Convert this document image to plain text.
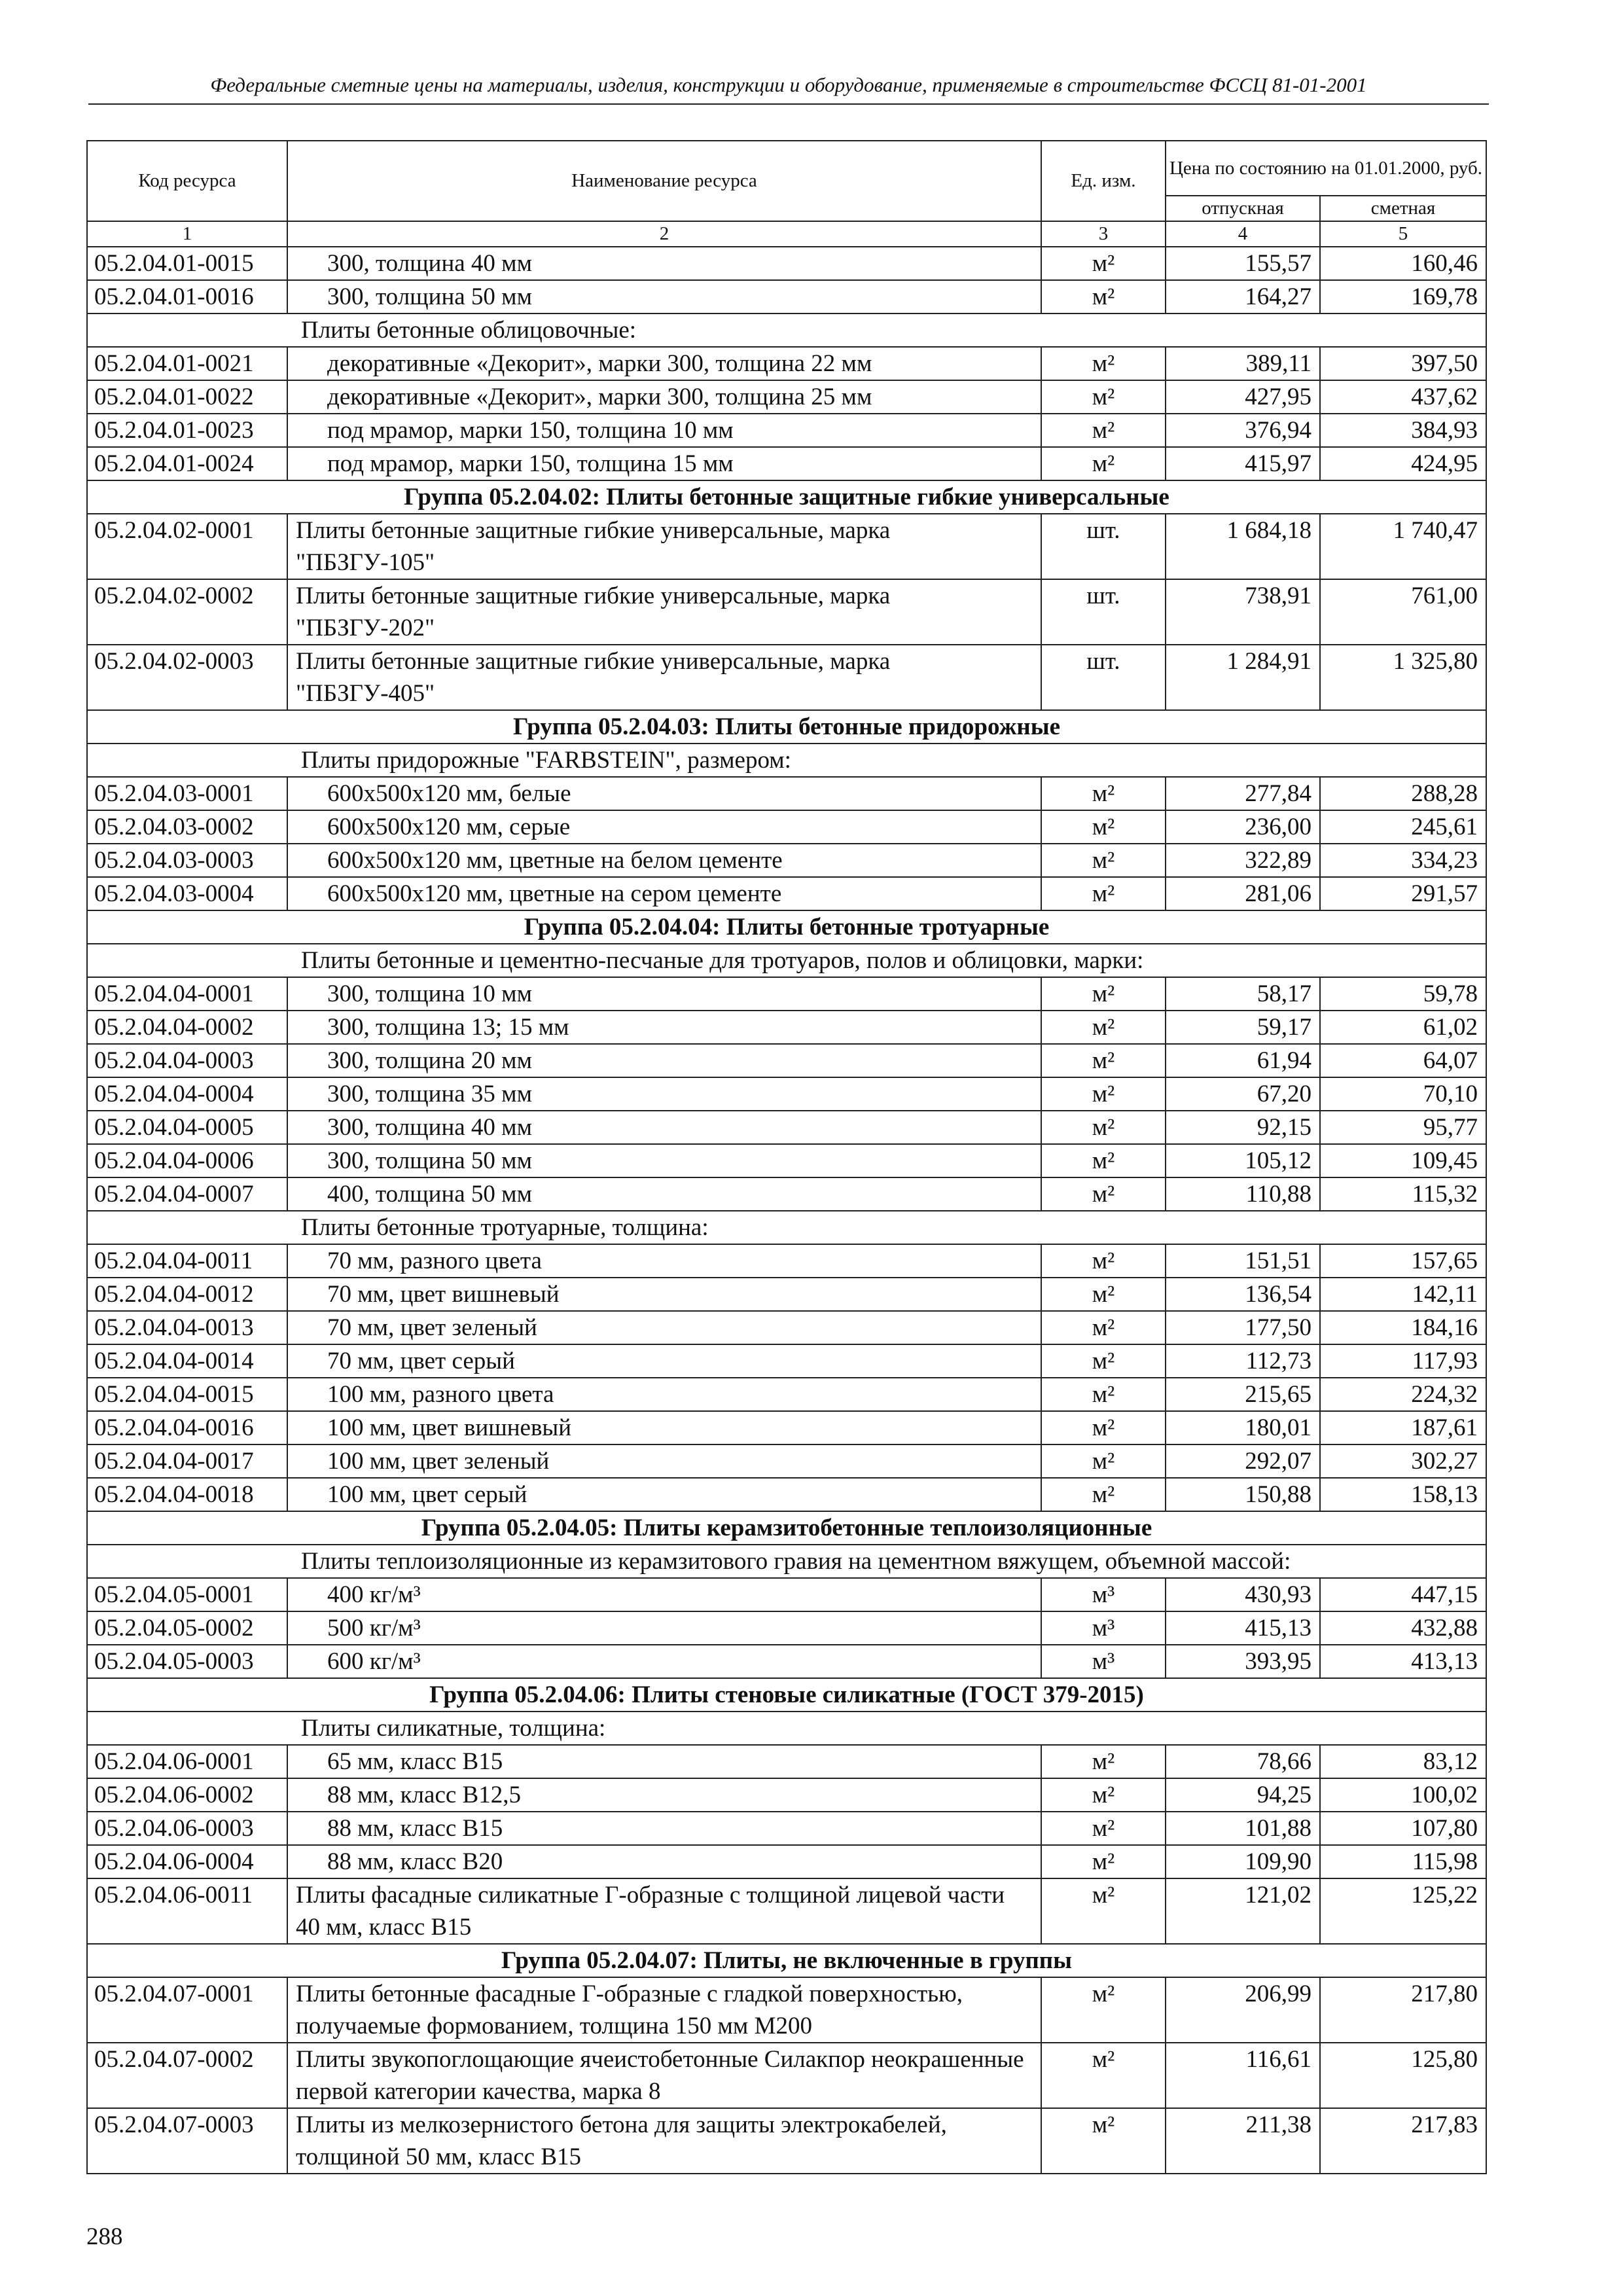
Федеральные сметные цены на материалы, изделия, конструкции и оборудование, применяемые в строительстве ФССЦ 81-01-2001
Код ресурса	Наименование ресурса	Ед. изм.	Цена по состоянию на 01.01.2000, руб.	
			отпускная	сметная
1	2	3	4	5
05.2.04.01-0015	300, толщина 40 мм	м²	155,57	160,46
05.2.04.01-0016	300, толщина 50 мм	м²	164,27	169,78
Плиты бетонные облицовочные:				
05.2.04.01-0021	декоративные «Декорит», марки 300, толщина 22 мм	м²	389,11	397,50
05.2.04.01-0022	декоративные «Декорит», марки 300, толщина 25 мм	м²	427,95	437,62
05.2.04.01-0023	под мрамор, марки 150, толщина 10 мм	м²	376,94	384,93
05.2.04.01-0024	под мрамор, марки 150, толщина 15 мм	м²	415,97	424,95
Группа 05.2.04.02: Плиты бетонные защитные гибкие универсальные				
05.2.04.02-0001	Плиты бетонные защитные гибкие универсальные, марка "ПБЗГУ-105"	шт.	1 684,18	1 740,47
05.2.04.02-0002	Плиты бетонные защитные гибкие универсальные, марка "ПБЗГУ-202"	шт.	738,91	761,00
05.2.04.02-0003	Плиты бетонные защитные гибкие универсальные, марка "ПБЗГУ-405"	шт.	1 284,91	1 325,80
Группа 05.2.04.03: Плиты бетонные придорожные				
Плиты придорожные "FARBSTEIN", размером:				
05.2.04.03-0001	600х500х120 мм, белые	м²	277,84	288,28
05.2.04.03-0002	600х500х120 мм, серые	м²	236,00	245,61
05.2.04.03-0003	600х500х120 мм, цветные на белом цементе	м²	322,89	334,23
05.2.04.03-0004	600х500х120 мм, цветные на сером цементе	м²	281,06	291,57
Группа 05.2.04.04: Плиты бетонные тротуарные				
Плиты бетонные и цементно-песчаные для тротуаров, полов и облицовки, марки:				
05.2.04.04-0001	300, толщина 10 мм	м²	58,17	59,78
05.2.04.04-0002	300, толщина 13; 15 мм	м²	59,17	61,02
05.2.04.04-0003	300, толщина 20 мм	м²	61,94	64,07
05.2.04.04-0004	300, толщина 35 мм	м²	67,20	70,10
05.2.04.04-0005	300, толщина 40 мм	м²	92,15	95,77
05.2.04.04-0006	300, толщина 50 мм	м²	105,12	109,45
05.2.04.04-0007	400, толщина 50 мм	м²	110,88	115,32
Плиты бетонные тротуарные, толщина:				
05.2.04.04-0011	70 мм, разного цвета	м²	151,51	157,65
05.2.04.04-0012	70 мм, цвет вишневый	м²	136,54	142,11
05.2.04.04-0013	70 мм, цвет зеленый	м²	177,50	184,16
05.2.04.04-0014	70 мм, цвет серый	м²	112,73	117,93
05.2.04.04-0015	100 мм, разного цвета	м²	215,65	224,32
05.2.04.04-0016	100 мм, цвет вишневый	м²	180,01	187,61
05.2.04.04-0017	100 мм, цвет зеленый	м²	292,07	302,27
05.2.04.04-0018	100 мм, цвет серый	м²	150,88	158,13
Группа 05.2.04.05: Плиты керамзитобетонные теплоизоляционные				
Плиты теплоизоляционные из керамзитового гравия на цементном вяжущем, объемной массой:				
05.2.04.05-0001	400 кг/м³	м³	430,93	447,15
05.2.04.05-0002	500 кг/м³	м³	415,13	432,88
05.2.04.05-0003	600 кг/м³	м³	393,95	413,13
Группа 05.2.04.06: Плиты стеновые силикатные (ГОСТ 379-2015)				
Плиты силикатные, толщина:				
05.2.04.06-0001	65 мм, класс В15	м²	78,66	83,12
05.2.04.06-0002	88 мм, класс В12,5	м²	94,25	100,02
05.2.04.06-0003	88 мм, класс В15	м²	101,88	107,80
05.2.04.06-0004	88 мм, класс В20	м²	109,90	115,98
05.2.04.06-0011	Плиты фасадные силикатные Г-образные с толщиной лицевой части 40 мм, класс В15	м²	121,02	125,22
Группа 05.2.04.07: Плиты, не включенные в группы				
05.2.04.07-0001	Плиты бетонные фасадные Г-образные с гладкой поверхностью, получаемые формованием, толщина 150 мм М200	м²	206,99	217,80
05.2.04.07-0002	Плиты звукопоглощающие ячеистобетонные Силакпор неокрашенные первой категории качества, марка 8	м²	116,61	125,80
05.2.04.07-0003	Плиты из мелкозернистого бетона для защиты электрокабелей, толщиной 50 мм, класс В15	м²	211,38	217,83
288
